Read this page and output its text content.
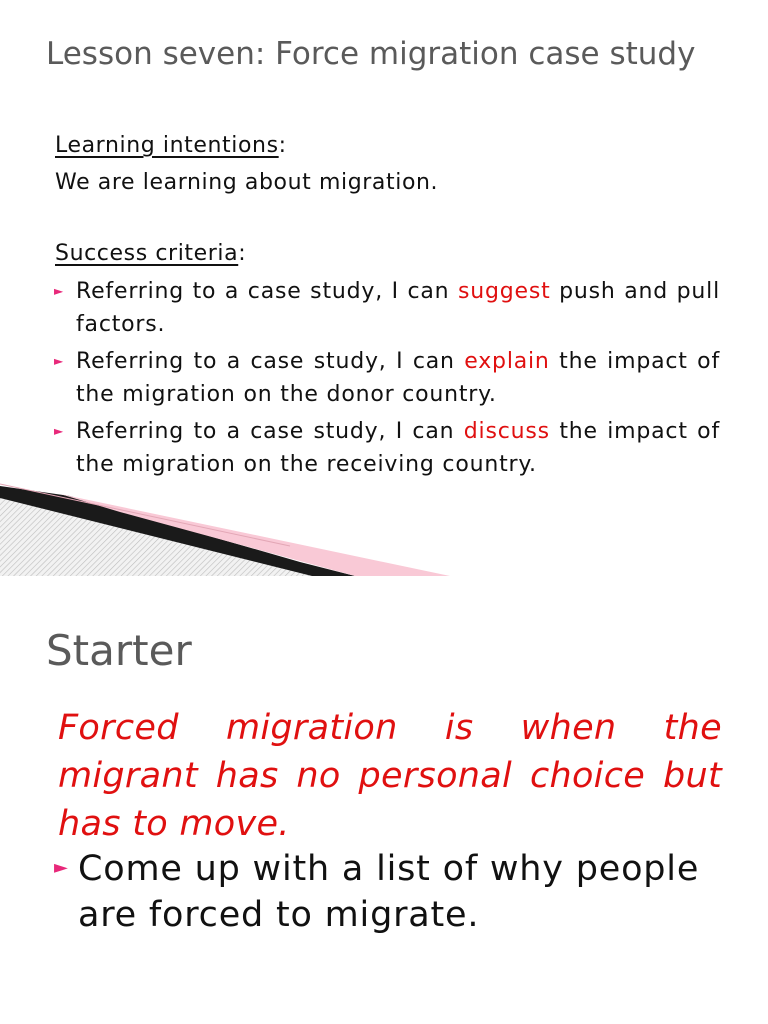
Lesson seven: Force migration case study
Learning intentions:
We are learning about migration.
Success criteria:
► Referring to a case study, I can suggest push and pull factors.
► Referring to a case study, I can explain the impact of the migration on the donor country.
► Referring to a case study, I can discuss the impact of the migration on the receiving country.
Starter
Forced migration is when the migrant has no personal choice but has to move.
► Come up with a list of why people are forced to migrate.
